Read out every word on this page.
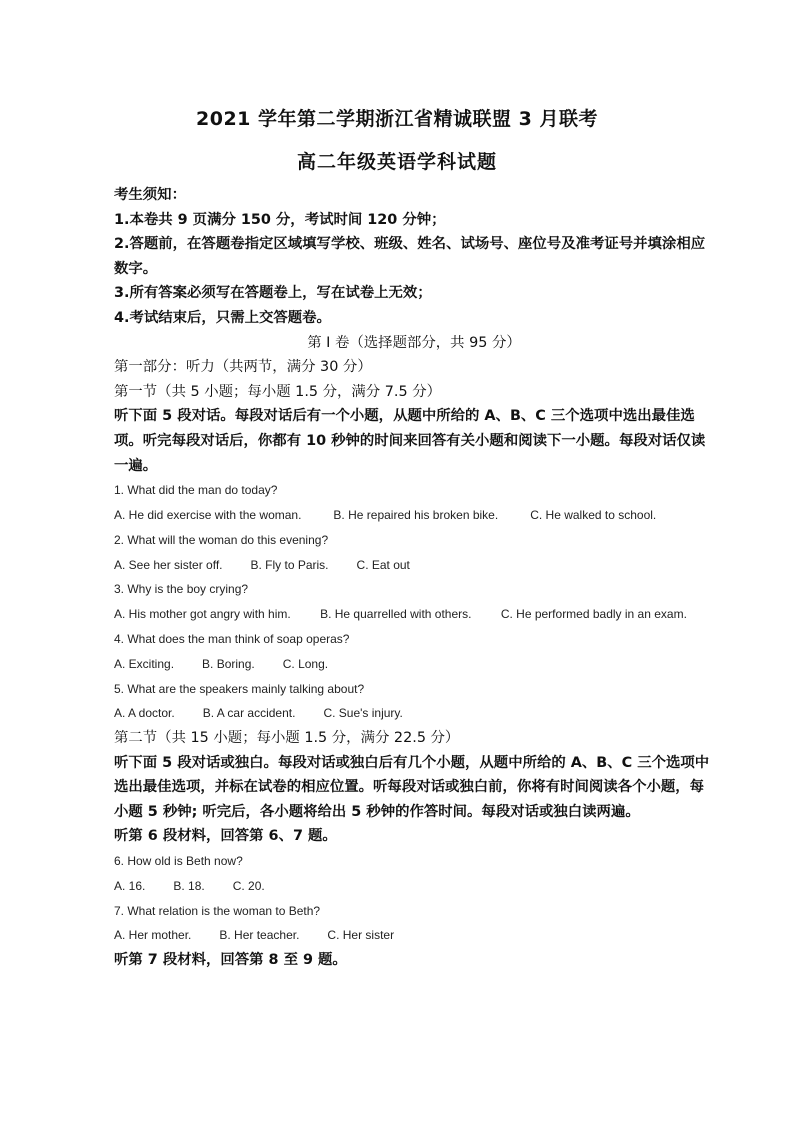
2021 学年第二学期浙江省精诚联盟 3 月联考
高二年级英语学科试题

考生须知：

1.本卷共 9 页满分 150 分，考试时间 120 分钟；

2.答题前，在答题卷指定区域填写学校、班级、姓名、试场号、座位号及准考证号并填涂相应数字。

3.所有答案必须写在答题卷上，写在试卷上无效；

4.考试结束后，只需上交答题卷。

第 I 卷（选择题部分，共 95 分）

第一部分：听力（共两节，满分 30 分）

第一节（共 5 小题；每小题 1.5 分，满分 7.5 分）

听下面 5 段对话。每段对话后有一个小题，从题中所给的 A、B、C 三个选项中选出最佳选项。听完每段对话后，你都有 10 秒钟的时间来回答有关小题和阅读下一小题。每段对话仅读一遍。

1. What did the man do today?

A. He did exercise with the woman.	B. He repaired his broken bike.	C. He walked to school.

2. What will the woman do this evening?

A. See her sister off. B. Fly to Paris. C. Eat out

3. Why is the boy crying?

A. His mother got angry with him. B. He quarrelled with others. C. He performed badly in an exam.

4. What does the man think of soap operas?

A. Exciting. B. Boring. C. Long.

5. What are the speakers mainly talking about?

A. A doctor. B. A car accident. C. Sue's injury.

第二节（共 15 小题；每小题 1.5 分，满分 22.5 分）

听下面 5 段对话或独白。每段对话或独白后有几个小题，从题中所给的 A、B、C 三个选项中选出最佳选项，并标在试卷的相应位置。听每段对话或独白前，你将有时间阅读各个小题，每小题 5 秒钟; 听完后，各小题将给出 5 秒钟的作答时间。每段对话或独白读两遍。

听第 6 段材料，回答第 6、7 题。

6. How old is Beth now?

A. 16. B. 18. C. 20.

7. What relation is the woman to Beth?

A. Her mother. B. Her teacher. C. Her sister

听第 7 段材料，回答第 8 至 9 题。
